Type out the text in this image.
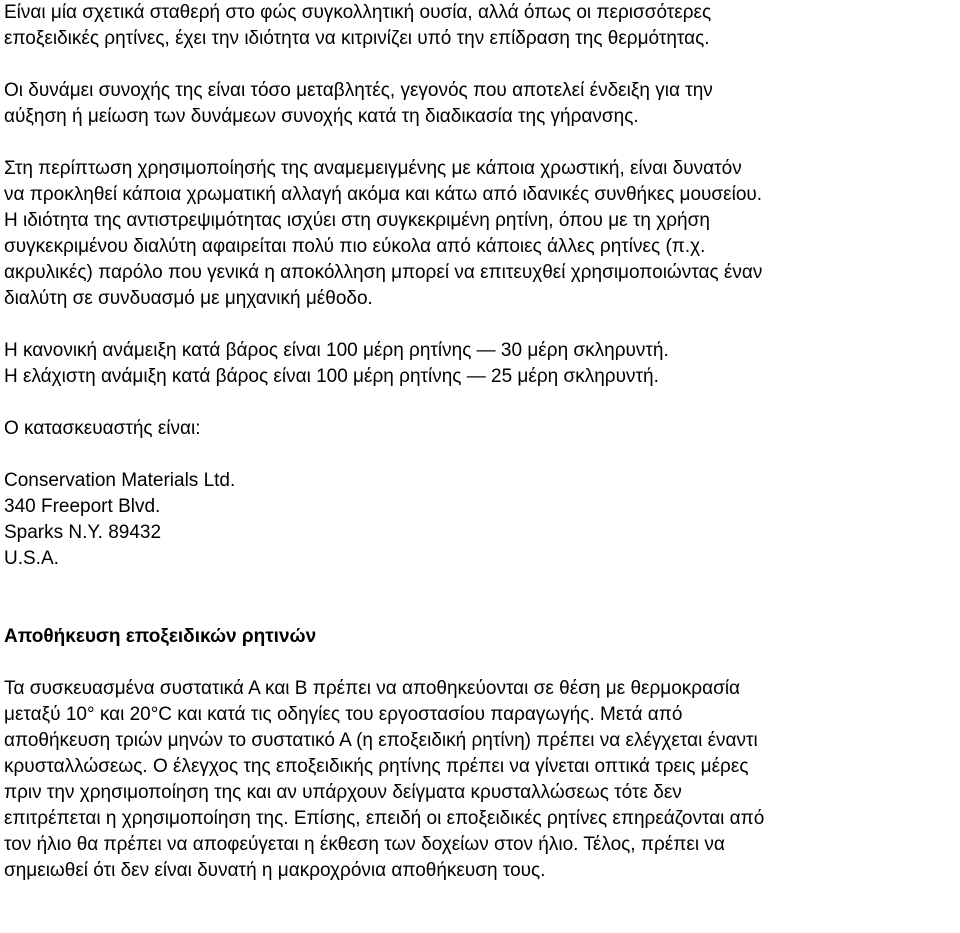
Είναι μία σχετικά σταθερή στο φώς συγκολλητική ουσία, αλλά όπως οι περισσότερες
εποξειδικές ρητίνες, έχει την ιδιότητα να κιτρινίζει υπό την επίδραση της θερμότητας.
Οι δυνάμει συνοχής της είναι τόσο μεταβλητές, γεγονός που αποτελεί ένδειξη για την
αύξηση ή μείωση των δυνάμεων συνοχής κατά τη διαδικασία της γήρανσης.
Στη περίπτωση χρησιμοποίησής της αναμεμειγμένης με κάποια χρωστική, είναι δυνατόν
να προκληθεί κάποια χρωματική αλλαγή ακόμα και κάτω από ιδανικές συνθήκες μουσείου.
Η ιδιότητα της αντιστρεψιμότητας ισχύει στη συγκεκριμένη ρητίνη, όπου με τη χρήση
συγκεκριμένου διαλύτη αφαιρείται πολύ πιο εύκολα από κάποιες άλλες ρητίνες (π.χ.
ακρυλικές) παρόλο που γενικά η αποκόλληση μπορεί να επιτευχθεί χρησιμοποιώντας έναν
διαλύτη σε συνδυασμό με μηχανική μέθοδο.
Η κανονική ανάμειξη κατά βάρος είναι 100 μέρη ρητίνης — 30 μέρη σκληρυντή.
Η ελάχιστη ανάμιξη κατά βάρος είναι 100 μέρη ρητίνης — 25 μέρη σκληρυντή.
Ο κατασκευαστής είναι:
Conservation Materials Ltd.
340 Freeport Blvd.
Sparks N.Y. 89432
U.S.A.
Αποθήκευση εποξειδικών ρητινών
Τα συσκευασμένα συστατικά Α και Β πρέπει να αποθηκεύονται σε θέση με θερμοκρασία
μεταξύ 10° και 20°C και κατά τις οδηγίες του εργοστασίου παραγωγής. Μετά από
αποθήκευση τριών μηνών το συστατικό Α (η εποξειδική ρητίνη) πρέπει να ελέγχεται έναντι
κρυσταλλώσεως. Ο έλεγχος της εποξειδικής ρητίνης πρέπει να γίνεται οπτικά τρεις μέρες
πριν την χρησιμοποίηση της και αν υπάρχουν δείγματα κρυσταλλώσεως τότε δεν
επιτρέπεται η χρησιμοποίηση της. Επίσης, επειδή οι εποξειδικές ρητίνες επηρεάζονται από
τον ήλιο θα πρέπει να αποφεύγεται η έκθεση των δοχείων στον ήλιο. Τέλος, πρέπει να
σημειωθεί ότι δεν είναι δυνατή η μακροχρόνια αποθήκευση τους.
